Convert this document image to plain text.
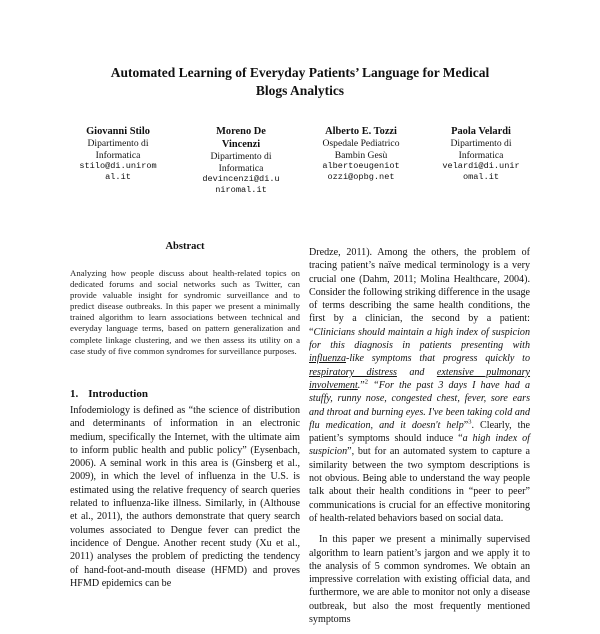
Automated Learning of Everyday Patients’ Language for Medical
Blogs Analytics
Giovanni Stilo
Dipartimento di
Informatica
stilo@di.unirom
al.it
Moreno De
Vincenzi
Dipartimento di
Informatica
devincenzi@di.u
niromal.it
Alberto E. Tozzi
Ospedale Pediatrico
Bambin Gesù
albertoeugeniot
ozzi@opbg.net
Paola Velardi
Dipartimento di
Informatica
velardi@di.unir
omal.it
Abstract
Analyzing how people discuss about health-related topics on dedicated forums and social networks such as Twitter, can provide valuable insight for syndromic surveillance and to predict disease outbreaks. In this paper we present a minimally trained algorithm to learn associations between technical and everyday language terms, based on pattern generalization and complete linkage clustering, and we then assess its utility on a case study of five common syndromes for surveillance purposes.
1. Introduction

Infodemiology is defined as “the science of distribution and determinants of information in an electronic medium, specifically the Internet, with the ultimate aim to inform public health and public policy” (Eysenbach, 2006). A seminal work in this area is (Ginsberg et al., 2009), in which the level of influenza in the U.S. is estimated using the relative frequency of search queries related to influenza-like illness. Similarly, in (Althouse et al., 2011), the authors demonstrate that query search volumes associated to Dengue fever can predict the incidence of Dengue. Another recent study (Xu et al., 2011) analyses the problem of predicting the tendency of hand-foot-and-mouth disease (HFMD) and proves HFMD epidemics can be

Dredze, 2011). Among the others, the problem of tracing patient’s naïve medical terminology is a very crucial one (Dahm, 2011; Molina Healthcare, 2004). Consider the following striking difference in the usage of terms describing the same health conditions, the first by a clinician, the second by a patient: “Clinicians should maintain a high index of suspicion for this diagnosis in patients presenting with influenza-like symptoms that progress quickly to respiratory distress and extensive pulmonary involvement.”$^2$ “For the past 3 days I have had a stuffy, runny nose, congested chest, fever, sore ears and throat and burning eyes. I've been taking cold and flu medication, and it doesn't help”$^3$. Clearly, the patient’s symptoms should induce “a high index of suspicion”, but for an automated system to capture a similarity between the two symptom descriptions is not obvious. Being able to understand the way people talk about their health conditions in “peer to peer” communications is crucial for an effective monitoring of health-related behaviors based on social data.

In this paper we present a minimally supervised algorithm to learn patient’s jargon and we apply it to the analysis of 5 common syndromes. We obtain an impressive correlation with existing official data, and furthermore, we are able to monitor not only a disease outbreak, but also the most frequently mentioned symptoms
